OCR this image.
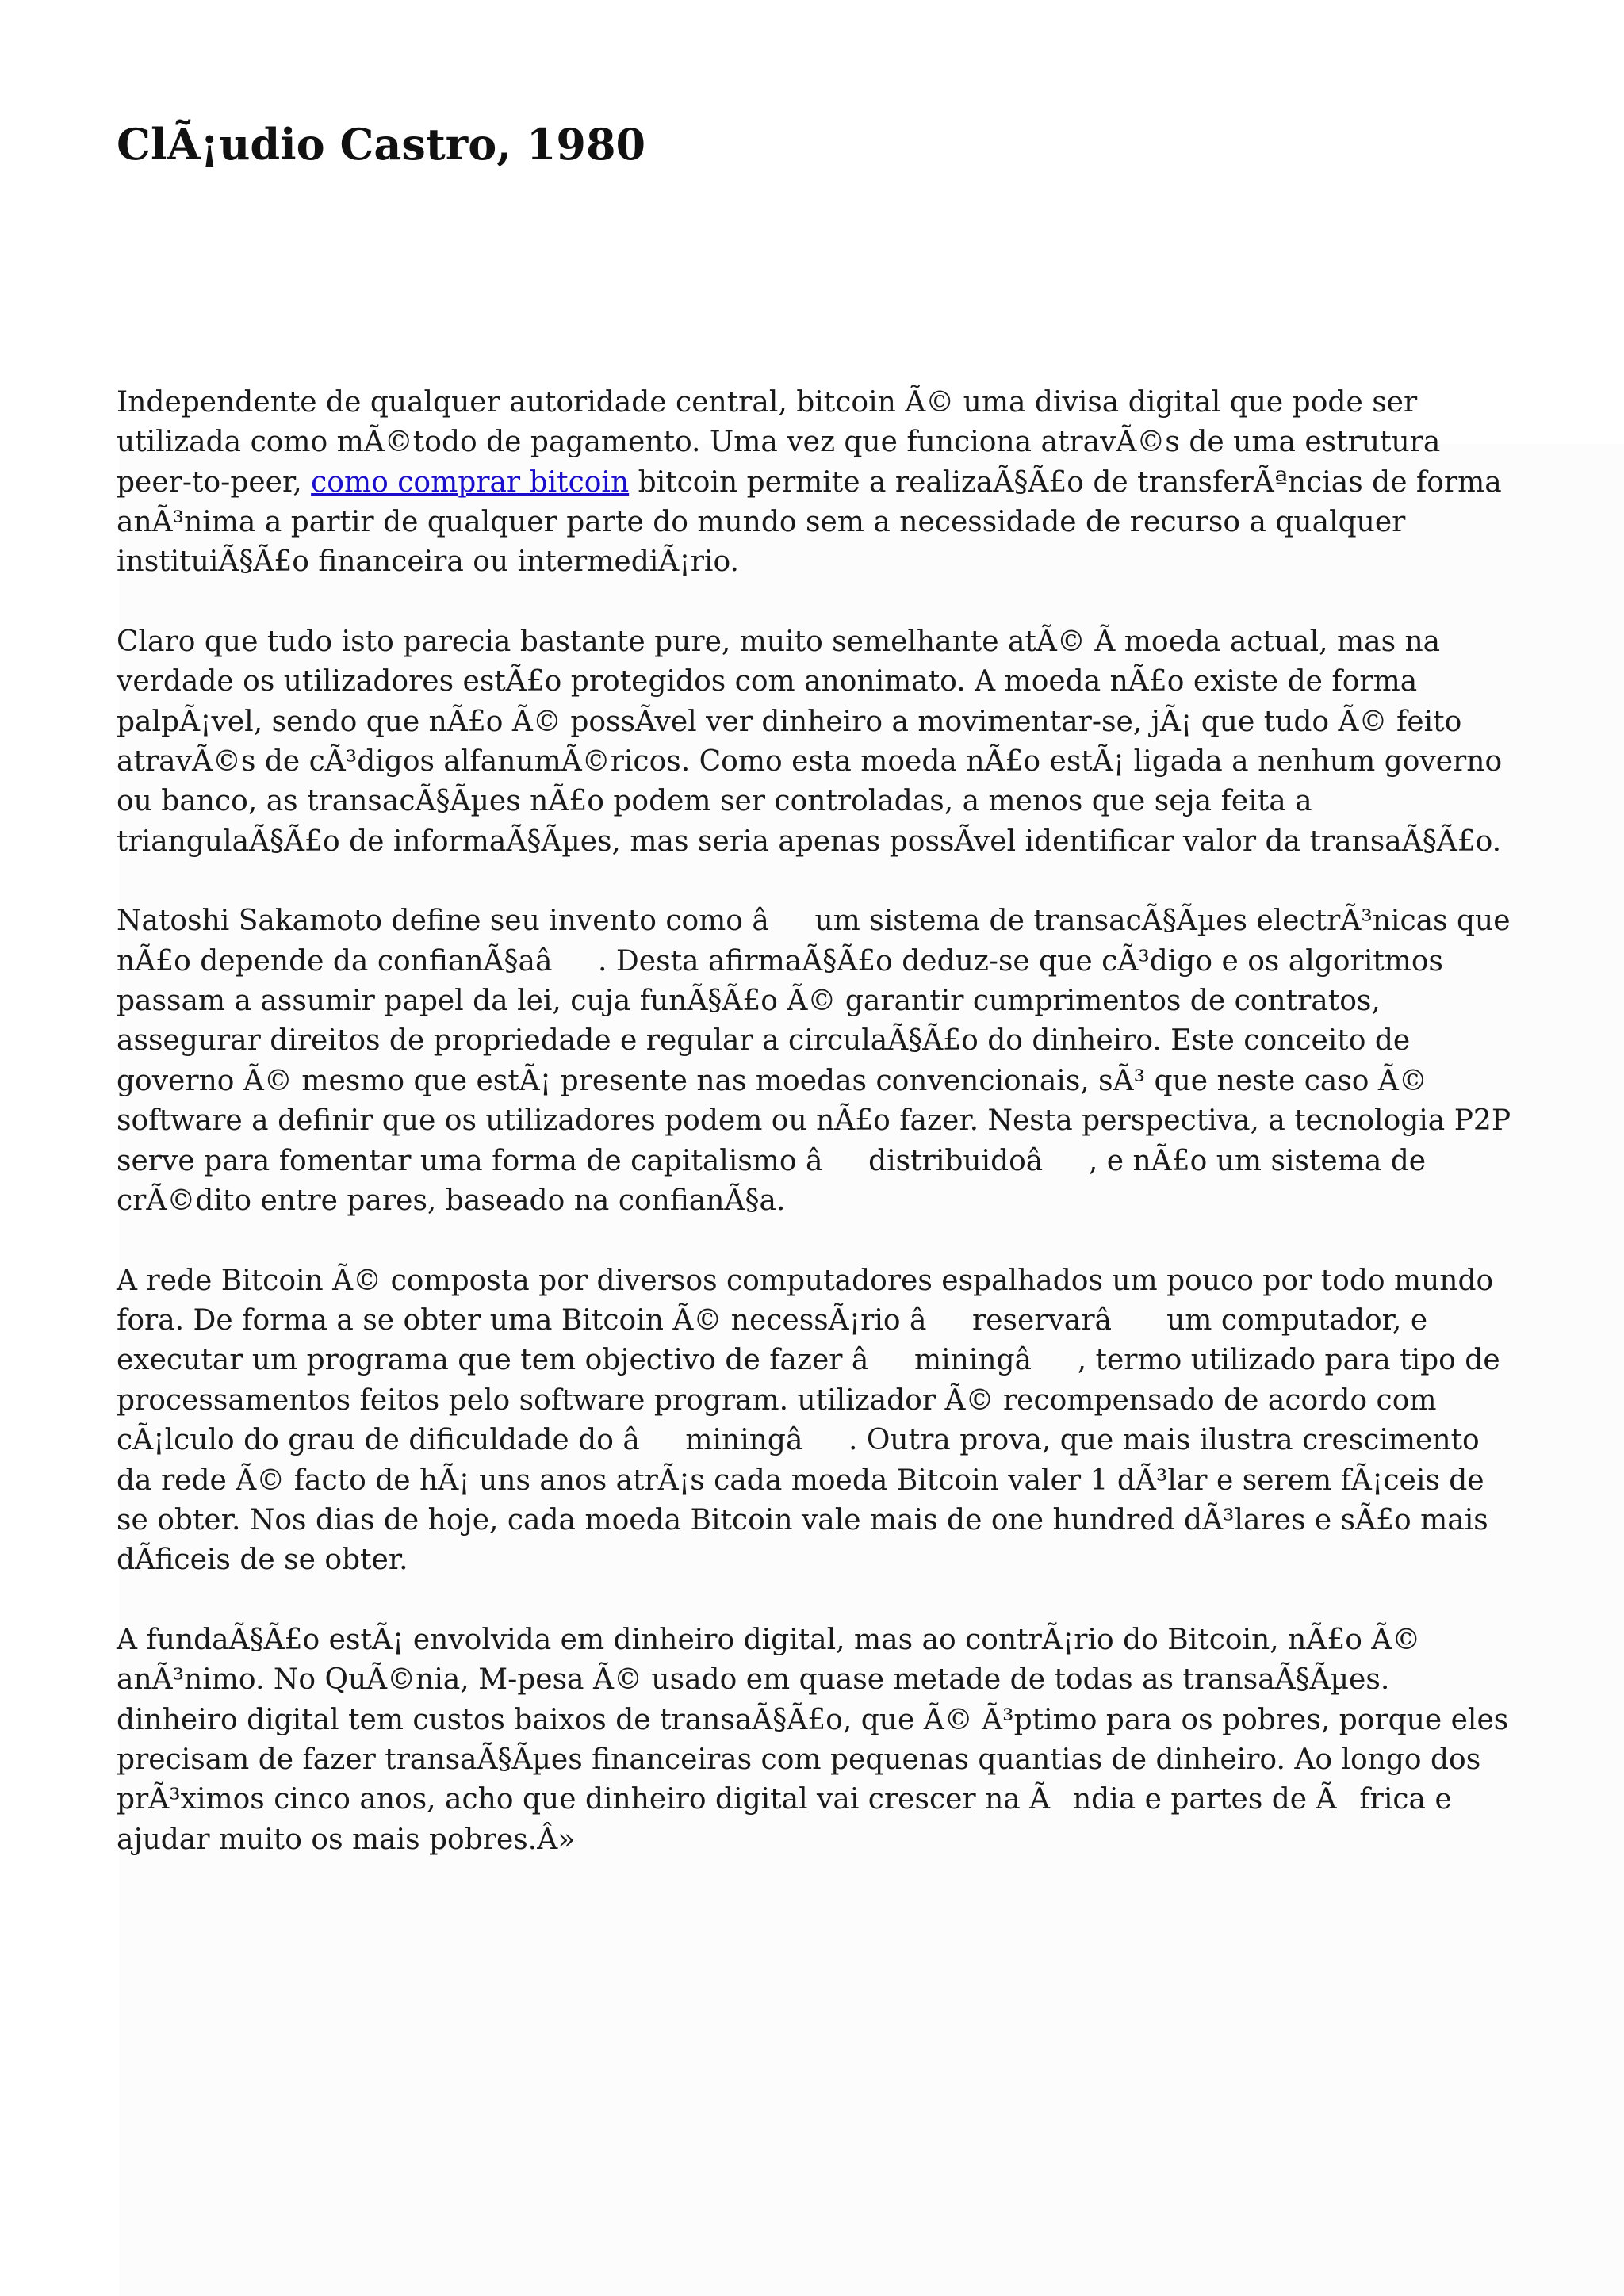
ClÃ¡udio Castro, 1980

Independente de qualquer autoridade central, bitcoin Ã© uma divisa digital que pode ser utilizada como mÃ©todo de pagamento. Uma vez que funciona atravÃ©s de uma estrutura peer-to-peer, como comprar bitcoin bitcoin permite a realizaÃ§Ã£o de transferÃªncias de forma anÃ³nima a partir de qualquer parte do mundo sem a necessidade de recurso a qualquer instituiÃ§Ã£o financeira ou intermediÃ¡rio.

Claro que tudo isto parecia bastante pure, muito semelhante atÃ© Ã moeda actual, mas na verdade os utilizadores estÃ£o protegidos com anonimato. A moeda nÃ£o existe de forma palpÃ¡vel, sendo que nÃ£o Ã© possÃvel ver dinheiro a movimentar-se, jÃ¡ que tudo Ã© feito atravÃ©s de cÃ³digos alfanumÃ©ricos. Como esta moeda nÃ£o estÃ¡ ligada a nenhum governo ou banco, as transacÃ§Ãµes nÃ£o podem ser controladas, a menos que seja feita a triangulaÃ§Ã£o de informaÃ§Ãµes, mas seria apenas possÃvel identificar valor da transaÃ§Ã£o.

Natoshi Sakamoto define seu invento como âum sistema de transacÃ§Ãµes electrÃ³nicas que nÃ£o depende da confianÃ§aâ. Desta afirmaÃ§Ã£o deduz-se que cÃ³digo e os algoritmos passam a assumir papel da lei, cuja funÃ§Ã£o Ã© garantir cumprimentos de contratos, assegurar direitos de propriedade e regular a circulaÃ§Ã£o do dinheiro. Este conceito de governo Ã© mesmo que estÃ¡ presente nas moedas convencionais, sÃ³ que neste caso Ã© software a definir que os utilizadores podem ou nÃ£o fazer. Nesta perspectiva, a tecnologia P2P serve para fomentar uma forma de capitalismo âdistribuidoâ, e nÃ£o um sistema de crÃ©dito entre pares, baseado na confianÃ§a.

A rede Bitcoin Ã© composta por diversos computadores espalhados um pouco por todo mundo fora. De forma a se obter uma Bitcoin Ã© necessÃ¡rio âreservarâ um computador, e executar um programa que tem objectivo de fazer âminingâ, termo utilizado para tipo de processamentos feitos pelo software program. utilizador Ã© recompensado de acordo com cÃ¡lculo do grau de dificuldade do âminingâ. Outra prova, que mais ilustra crescimento da rede Ã© facto de hÃ¡ uns anos atrÃ¡s cada moeda Bitcoin valer 1 dÃ³lar e serem fÃ¡ceis de se obter. Nos dias de hoje, cada moeda Bitcoin vale mais de one hundred dÃ³lares e sÃ£o mais dÃficeis de se obter.

A fundaÃ§Ã£o estÃ¡ envolvida em dinheiro digital, mas ao contrÃ¡rio do Bitcoin, nÃ£o Ã© anÃ³nimo. No QuÃ©nia, M-pesa Ã© usado em quase metade de todas as transaÃ§Ãµes. dinheiro digital tem custos baixos de transaÃ§Ã£o, que Ã© Ã³ptimo para os pobres, porque eles precisam de fazer transaÃ§Ãµes financeiras com pequenas quantias de dinheiro. Ao longo dos prÃ³ximos cinco anos, acho que dinheiro digital vai crescer na Ãndia e partes de Ãfrica e ajudar muito os mais pobres.Â»
